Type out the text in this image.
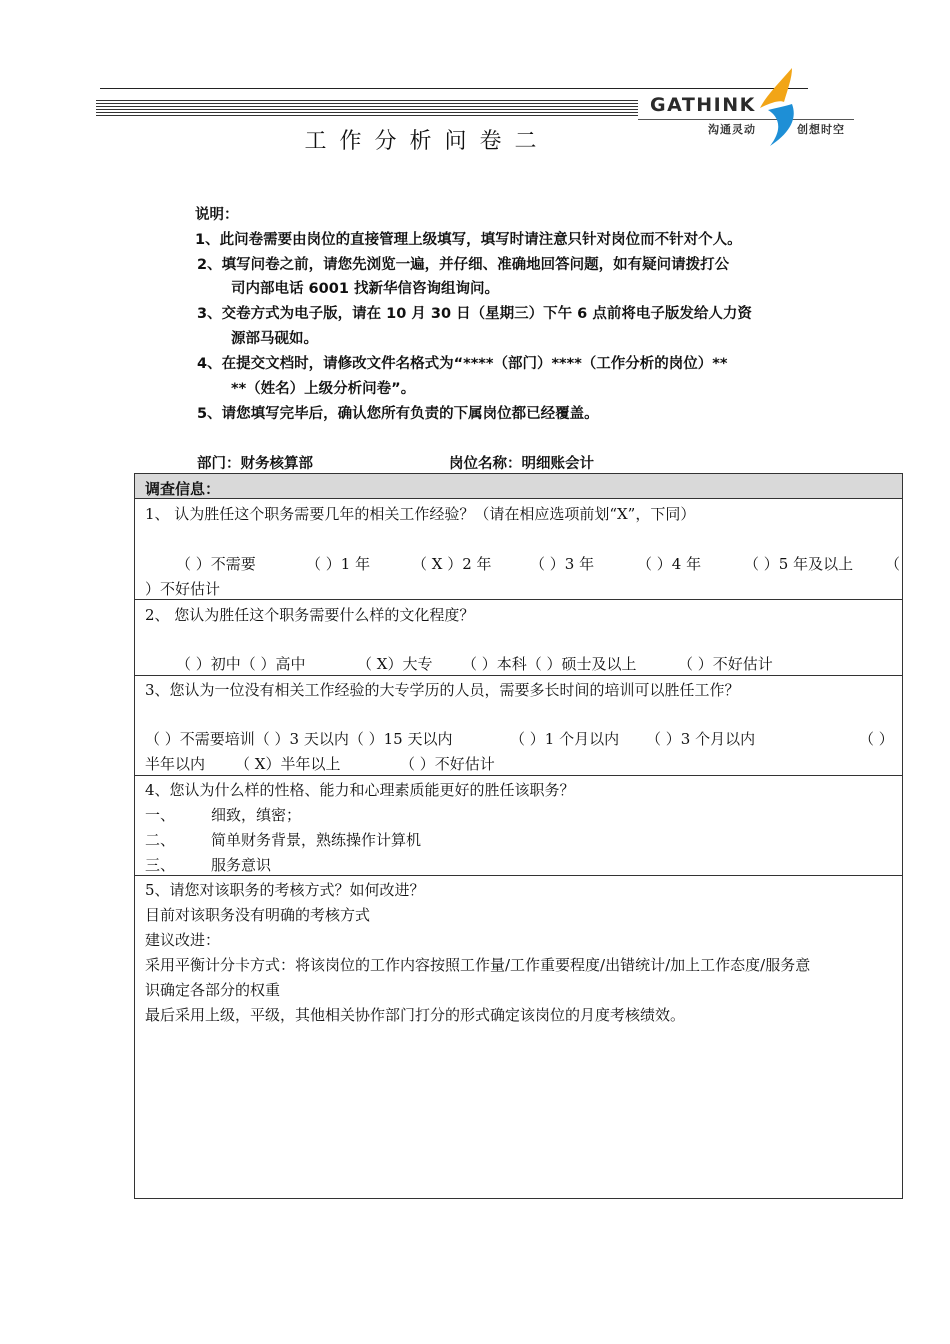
GATHINK
沟通灵动	创想时空
工作分析问卷二
说明：
1、此问卷需要由岗位的直接管理上级填写，填写时请注意只针对岗位而不针对个人。
2、填写问卷之前，请您先浏览一遍，并仔细、准确地回答问题，如有疑问请拨打公
司内部电话 6001 找新华信咨询组询问。
3、交卷方式为电子版，请在 10 月 30 日（星期三）下午 6 点前将电子版发给人力资
源部马砚如。
4、在提交文档时，请修改文件名格式为“****（部门）****（工作分析的岗位）**
**（姓名）上级分析问卷”。
5、请您填写完毕后，确认您所有负责的下属岗位都已经覆盖。
部门：财务核算部	岗位名称：明细账会计
调查信息：
1、 认为胜任这个职务需要几年的相关工作经验？（请在相应选项前划“X”，下同）
（ ）不需要	（ ）1 年	（ X ）2 年	（ ）3 年	（ ）4 年	（ ）5 年及以上 （
）不好估计
2、 您认为胜任这个职务需要什么样的文化程度？
（ ）初中（ ）高中	（ X）大专 （ ）本科（ ）硕士及以上	（ ）不好估计
3、您认为一位没有相关工作经验的大专学历的人员，需要多长时间的培训可以胜任工作？
（ ）不需要培训（ ）3 天以内（ ）15 天以内	（ ）1 个月以内 （ ）3 个月以内	（ ）
半年以内 （ X）半年以上	（ ）不好估计
4、您认为什么样的性格、能力和心理素质能更好的胜任该职务？
一、 细致，缜密；
二、 简单财务背景，熟练操作计算机
三、 服务意识
5、请您对该职务的考核方式？如何改进？
目前对该职务没有明确的考核方式
建议改进：
采用平衡计分卡方式：将该岗位的工作内容按照工作量/工作重要程度/出错统计/加上工作态度/服务意
识确定各部分的权重
最后采用上级，平级，其他相关协作部门打分的形式确定该岗位的月度考核绩效。
